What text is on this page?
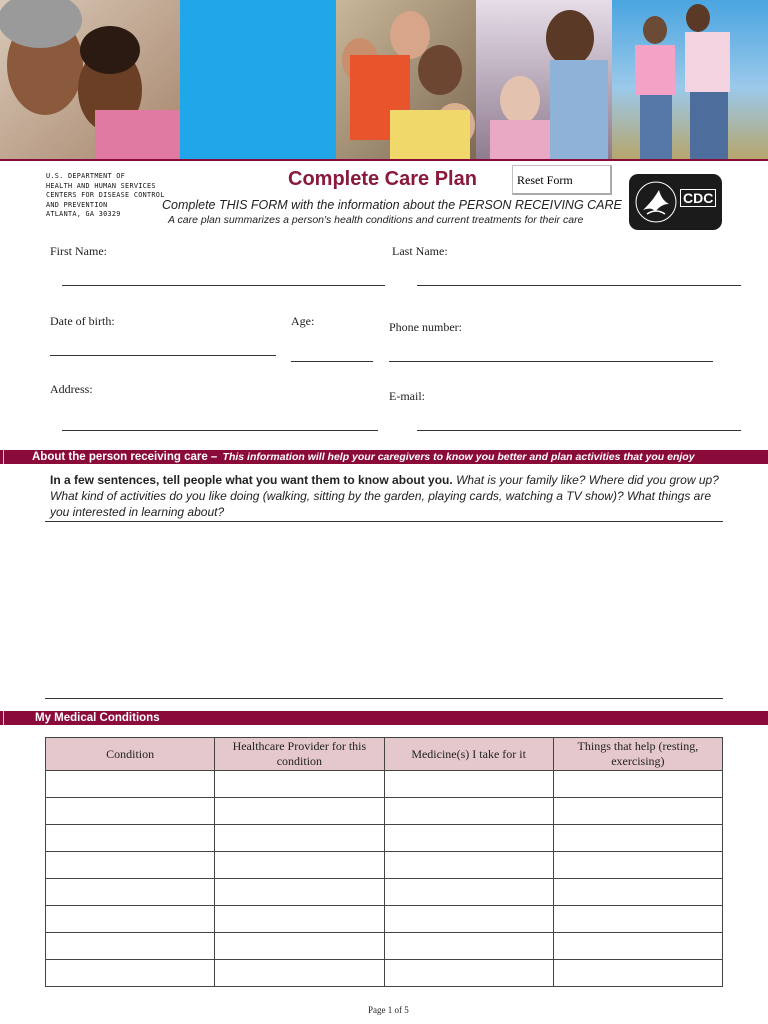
U.S. DEPARTMENT OF
HEALTH AND HUMAN SERVICES
CENTERS FOR DISEASE CONTROL
AND PREVENTION
ATLANTA, GA 30329
Complete Care Plan
Complete THIS FORM with the information about the PERSON RECEIVING CARE
A care plan summarizes a person's health conditions and current treatments for their care
Reset Form
CDC
First Name:	Last Name:
Date of birth:	Age:	Phone number:
Address:	E-mail:
About the person receiving care – This information will help your caregivers to know you better and plan activities that you enjoy
In a few sentences, tell people what you want them to know about you. What is your family like? Where did you grow up? What kind of activities do you like doing (walking, sitting by the garden, playing cards, watching a TV show)? What things are you interested in learning about?
My Medical Conditions
Condition	Healthcare Provider for this condition	Medicine(s) I take for it	Things that help (resting, exercising)

Page 1 of 5
